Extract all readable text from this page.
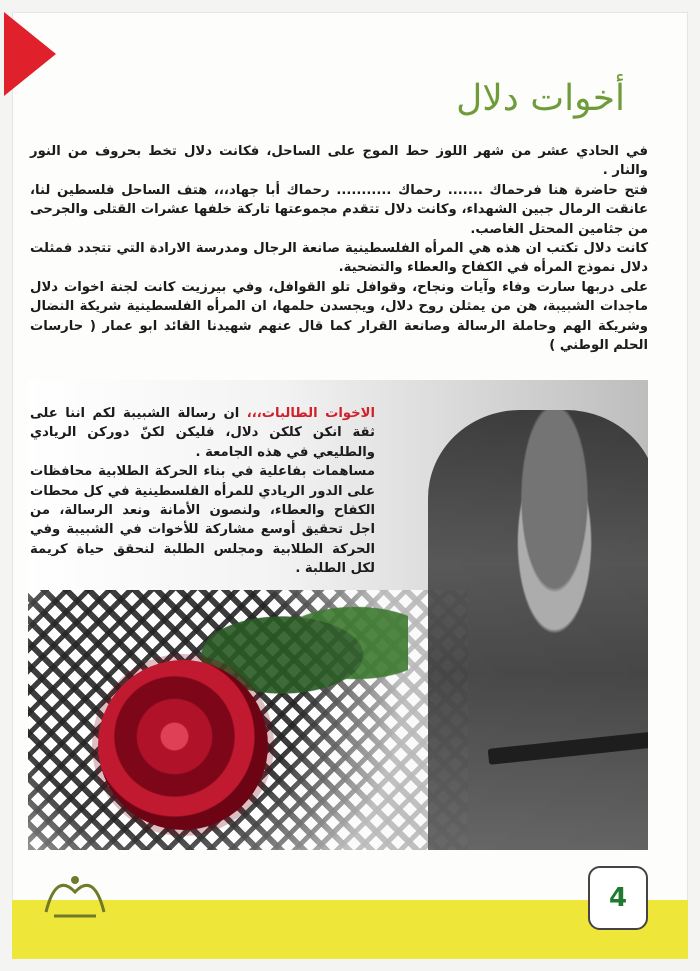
أخوات دلال

في الحادي عشر من شهر اللوز حط الموج على الساحل، فكانت دلال تخط بحروف من النور والنار .

فتح حاضرة هنا فرحماك ....... رحماك ........... رحماك أبا جهاد،،، هتف الساحل فلسطين لنا، عانقت الرمال جبين الشهداء، وكانت دلال تتقدم مجموعتها تاركة خلفها عشرات القتلى والجرحى من جثامين المحتل الغاصب.

كانت دلال تكتب ان هذه هي المرأه الفلسطينية صانعة الرجال ومدرسة الارادة التي تتجدد فمثلت دلال نموذج المرأه في الكفاح والعطاء والتضحية.

على دربها سارت وفاء وآيات ونجاح، وقوافل تلو القوافل، وفي بيرزيت كانت لجنة اخوات دلال ماجدات الشبيبة، هن من يمثلن روح دلال، ويجسدن حلمها، ان المرأه الفلسطينية شريكة النضال وشريكة الهم وحاملة الرسالة وصانعة القرار كما قال عنهم شهيدنا القائد ابو عمار ( حارسات الحلم الوطني )

الاخوات الطالبات،،، ان رسالة الشبيبة لكم اننا على ثقة انكن كلكن دلال، فليكن لكنّ دوركن الريادي والطليعي في هذه الجامعة .

مساهمات بفاعلية في بناء الحركة الطلابية محافظات على الدور الريادي للمرأه الفلسطينية في كل محطات الكفاح والعطاء، ولنصون الأمانة ونعد الرسالة، من اجل تحقيق أوسع مشاركة للأخوات في الشبيبة وفي الحركة الطلابية ومجلس الطلبة لنحقق حياة كريمة لكل الطلبة .

4
